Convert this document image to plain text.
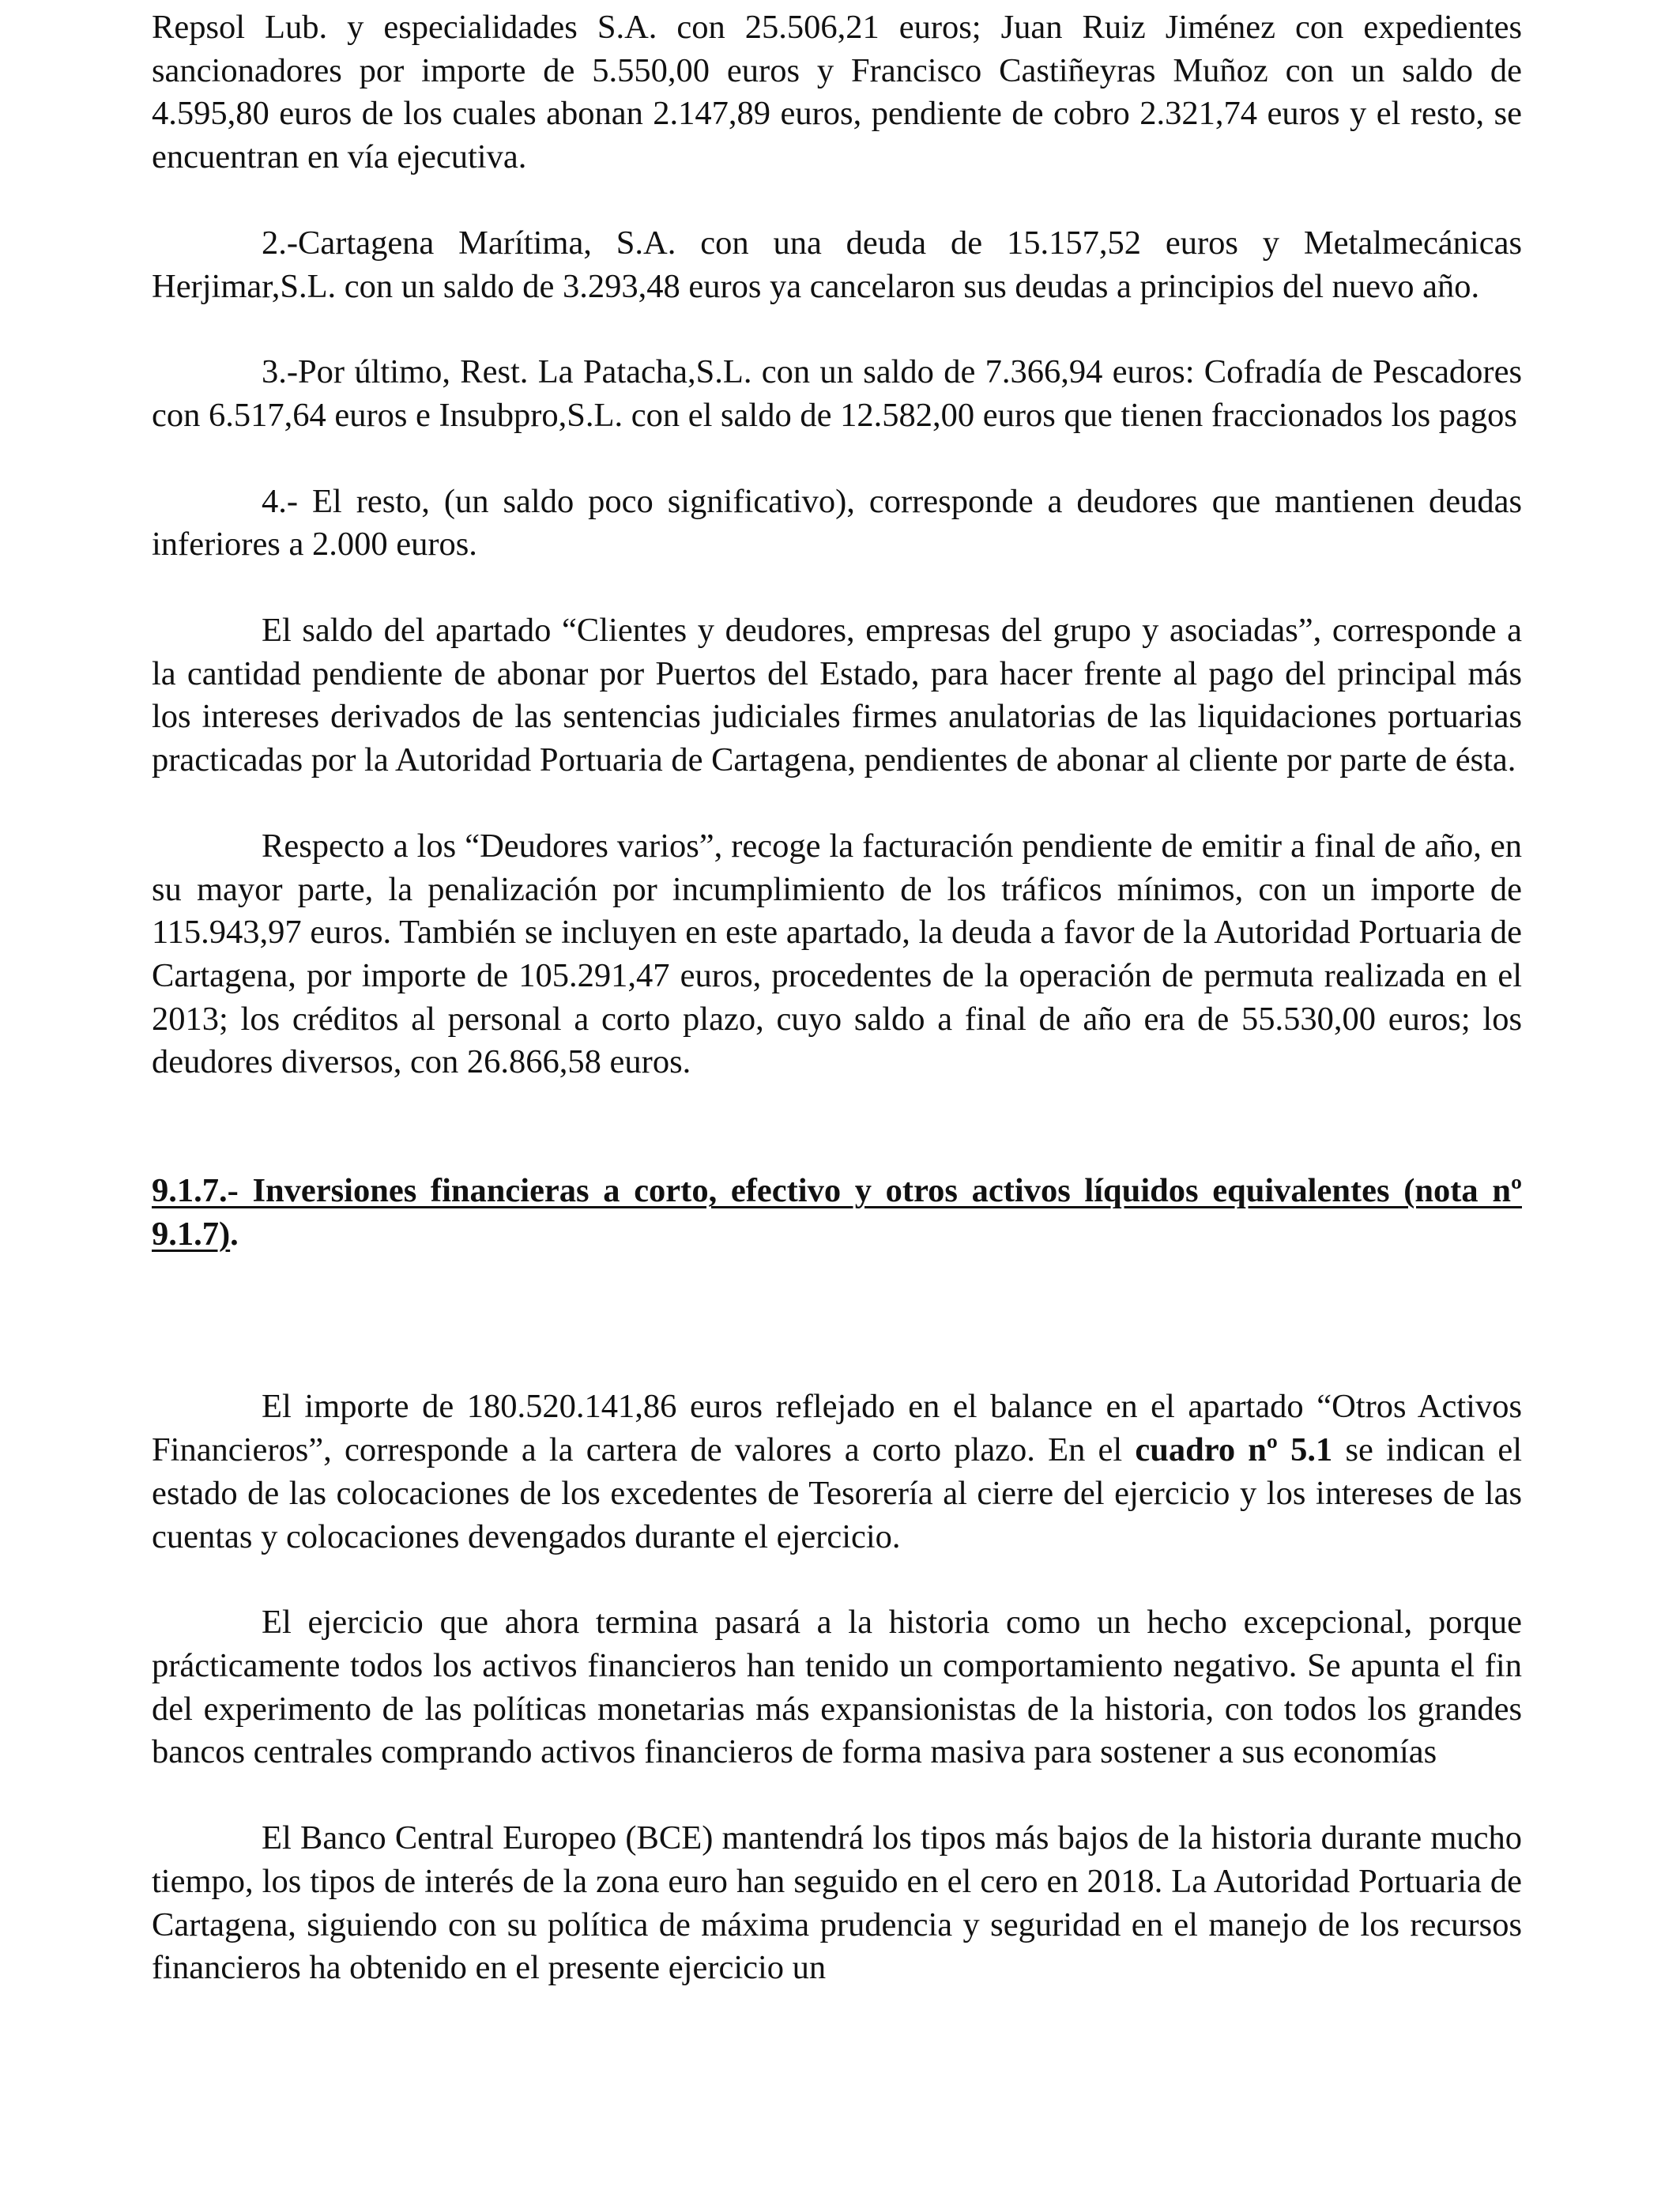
Repsol Lub. y especialidades S.A. con 25.506,21 euros; Juan Ruiz Jiménez con expedientes sancionadores por importe de 5.550,00 euros y Francisco Castiñeyras Muñoz con un saldo de 4.595,80 euros de los cuales abonan 2.147,89 euros, pendiente de cobro 2.321,74 euros y el resto, se encuentran en vía ejecutiva.

2.-Cartagena Marítima, S.A. con una deuda de 15.157,52 euros y Metalmecánicas Herjimar,S.L. con un saldo de 3.293,48 euros ya cancelaron sus deudas a principios del nuevo año.

3.-Por último, Rest. La Patacha,S.L. con un saldo de 7.366,94 euros: Cofradía de Pescadores con 6.517,64 euros e Insubpro,S.L. con el saldo de 12.582,00 euros que tienen fraccionados los pagos

4.- El resto, (un saldo poco significativo), corresponde a deudores que mantienen deudas inferiores a 2.000 euros.

El saldo del apartado “Clientes y deudores, empresas del grupo y asociadas”, corresponde a la cantidad pendiente de abonar por Puertos del Estado, para hacer frente al pago del principal más los intereses derivados de las sentencias judiciales firmes anulatorias de las liquidaciones portuarias practicadas por la Autoridad Portuaria de Cartagena, pendientes de abonar al cliente por parte de ésta.

Respecto a los “Deudores varios”, recoge la facturación pendiente de emitir a final de año, en su mayor parte, la penalización por incumplimiento de los tráficos mínimos, con un importe de 115.943,97 euros. También se incluyen en este apartado, la deuda a favor de la Autoridad Portuaria de Cartagena, por importe de 105.291,47 euros, procedentes de la operación de permuta realizada en el 2013; los créditos al personal a corto plazo, cuyo saldo a final de año era de 55.530,00 euros; los deudores diversos, con 26.866,58 euros.

9.1.7.- Inversiones financieras a corto, efectivo y otros activos líquidos equivalentes (nota nº 9.1.7).

El importe de 180.520.141,86 euros reflejado en el balance en el apartado “Otros Activos Financieros”, corresponde a la cartera de valores a corto plazo. En el cuadro nº 5.1 se indican el estado de las colocaciones de los excedentes de Tesorería al cierre del ejercicio y los intereses de las cuentas y colocaciones devengados durante el ejercicio.

El ejercicio que ahora termina pasará a la historia como un hecho excepcional, porque prácticamente todos los activos financieros han tenido un comportamiento negativo. Se apunta el fin del experimento de las políticas monetarias más expansionistas de la historia, con todos los grandes bancos centrales comprando activos financieros de forma masiva para sostener a sus economías

El Banco Central Europeo (BCE) mantendrá los tipos más bajos de la historia durante mucho tiempo, los tipos de interés de la zona euro han seguido en el cero en 2018. La Autoridad Portuaria de Cartagena, siguiendo con su política de máxima prudencia y seguridad en el manejo de los recursos financieros ha obtenido en el presente ejercicio un
